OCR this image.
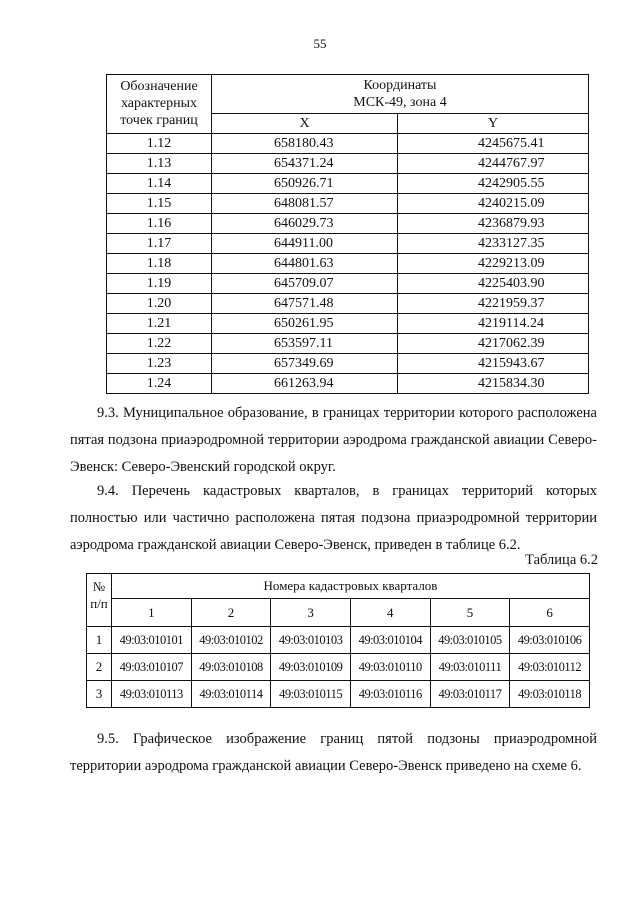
55
Обозначение характерных точек границ	Координаты
МСК-49, зона 4	

	X	Y
1.12	658180.43	4245675.41
1.13	654371.24	4244767.97
1.14	650926.71	4242905.55
1.15	648081.57	4240215.09
1.16	646029.73	4236879.93
1.17	644911.00	4233127.35
1.18	644801.63	4229213.09
1.19	645709.07	4225403.90
1.20	647571.48	4221959.37
1.21	650261.95	4219114.24
1.22	653597.11	4217062.39
1.23	657349.69	4215943.67
1.24	661263.94	4215834.30

9.3. Муниципальное образование, в границах территории которого расположена пятая подзона приаэродромной территории аэродрома гражданской авиации Северо-Эвенск: Северо-Эвенский городской округ.

9.4. Перечень кадастровых кварталов, в границах территорий которых полностью или частично расположена пятая подзона приаэродромной территории аэродрома гражданской авиации Северо-Эвенск, приведен в таблице 6.2.

Таблица 6.2
№ п/п	Номера кадастровых кварталов					
	1	2	3	4	5	6
1	49:03:010101	49:03:010102	49:03:010103	49:03:010104	49:03:010105	49:03:010106
2	49:03:010107	49:03:010108	49:03:010109	49:03:010110	49:03:010111	49:03:010112
3	49:03:010113	49:03:010114	49:03:010115	49:03:010116	49:03:010117	49:03:010118

9.5. Графическое изображение границ пятой подзоны приаэродромной территории аэродрома гражданской авиации Северо-Эвенск приведено на схеме 6.
